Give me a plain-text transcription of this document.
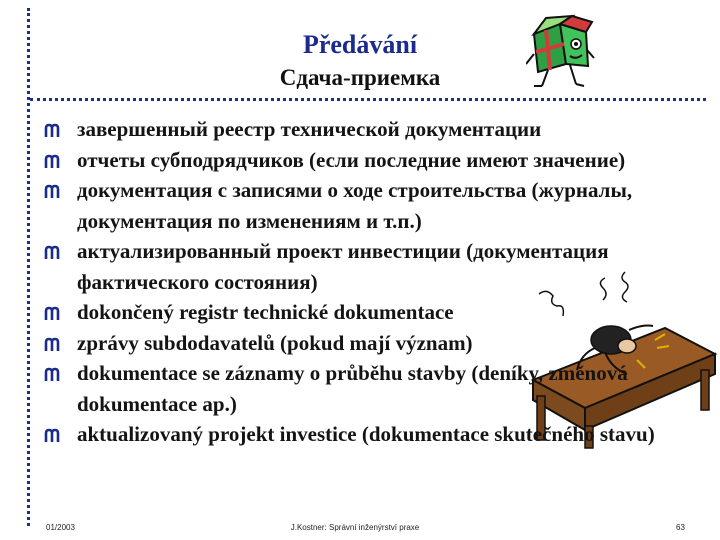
Předávání
Сдача-приемка
завершенный реестр технической документации
отчеты субподрядчиков (если последние имеют значение)
документация с записями о ходе строительства (журналы, документация по изменениям и т.п.)
актуализированный проект инвестиции (документация фактического состояния)
dokončený registr technické dokumentace
zprávy subdodavatelů (pokud mají význam)
dokumentace se záznamy o průběhu stavby (deníky, změnová dokumentace ap.)
aktualizovaný projekt investice (dokumentace skutečného stavu)
01/2003	J.Kostner: Správní inženýrství praxe	63
